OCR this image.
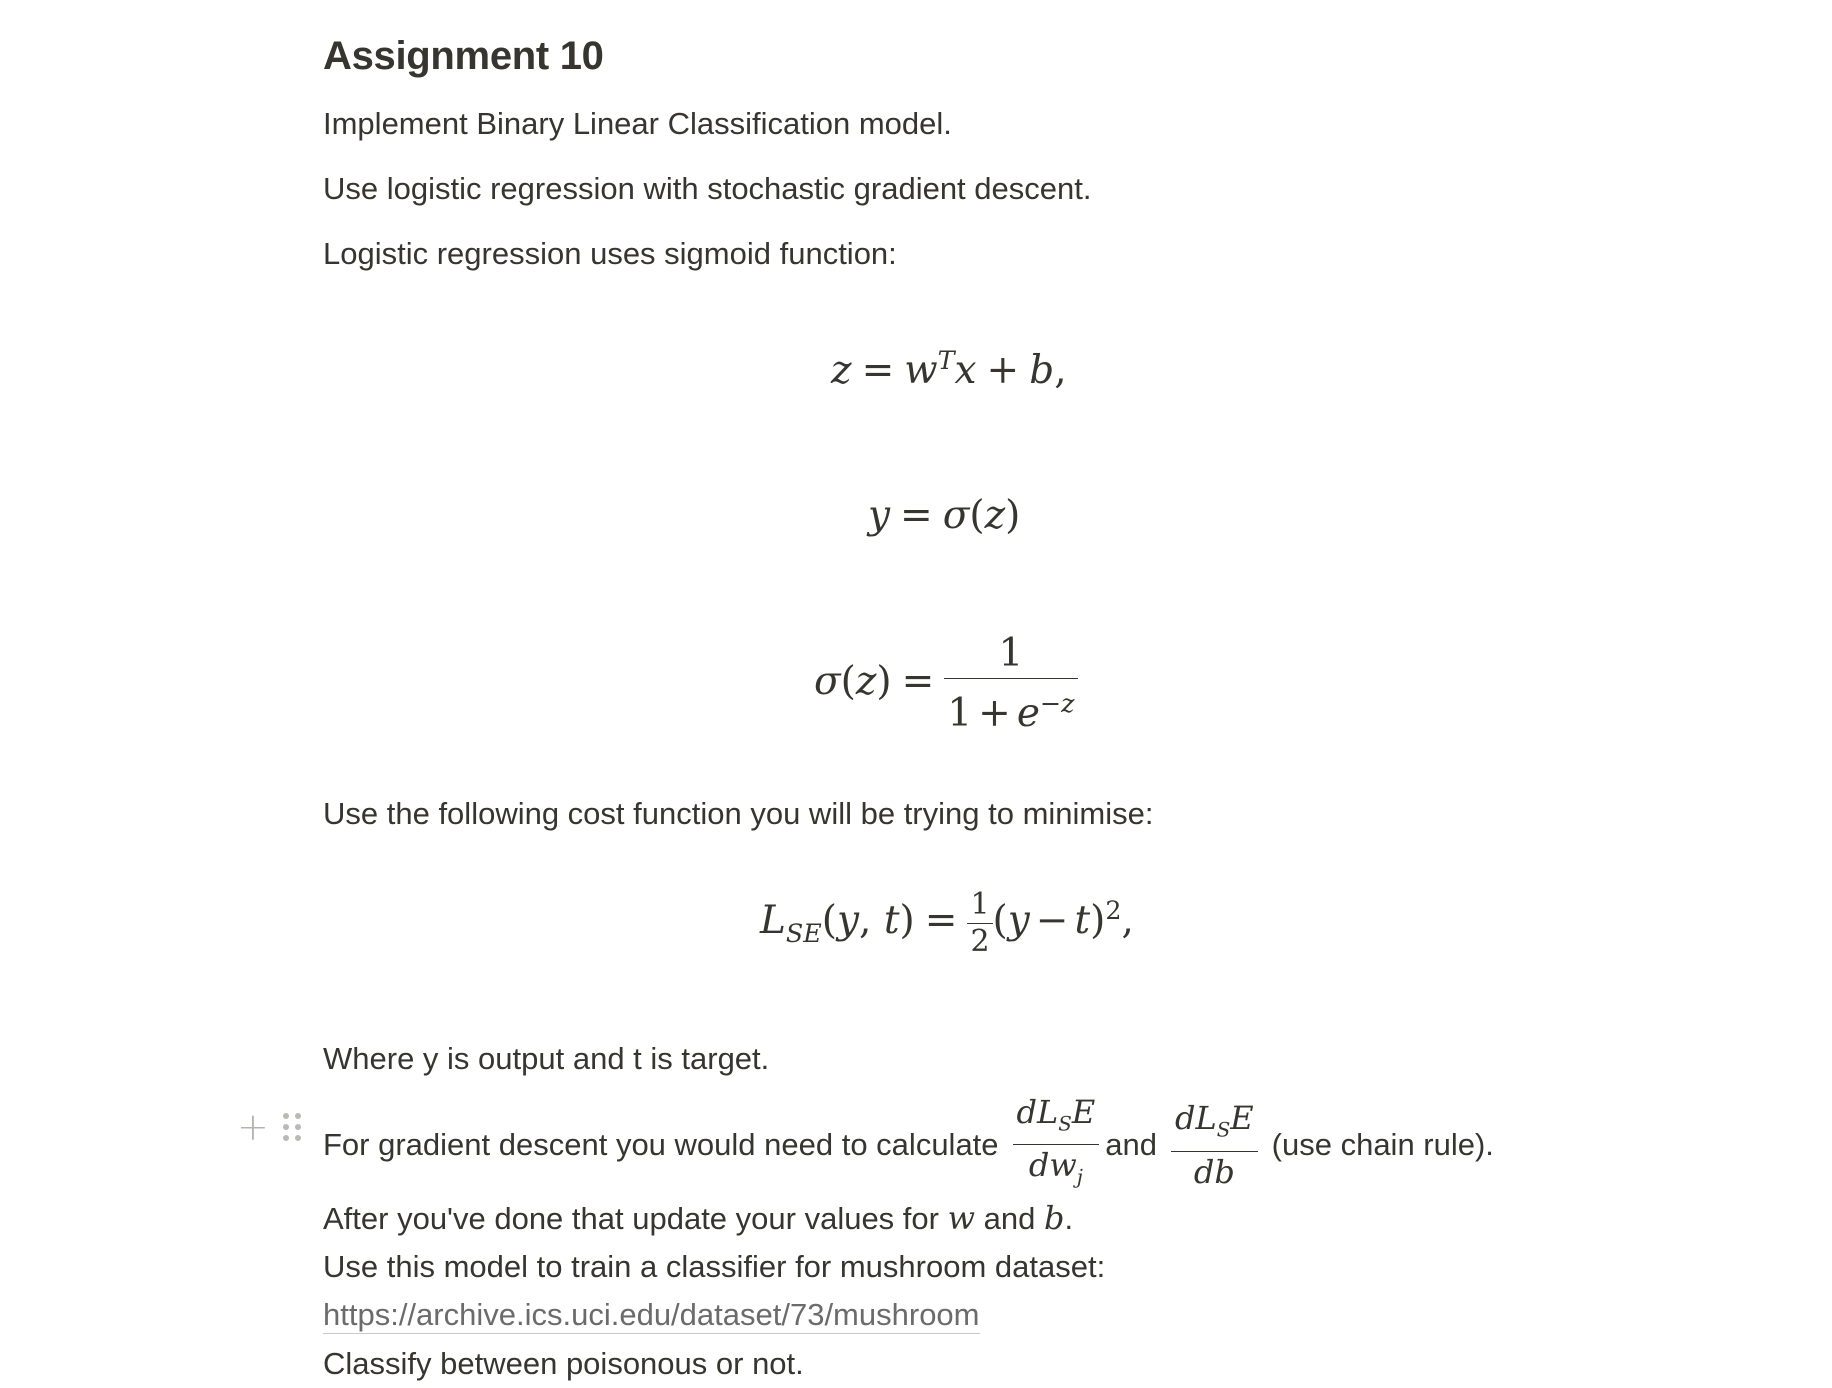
+
Assignment 10
Implement Binary Linear Classification model.
Use logistic regression with stochastic gradient descent.
Logistic regression uses sigmoid function:
$z = w^Tx + b$,
y = σ(z)
$\sigma(z) = \frac{1}{1 + e^{-z}}$
Use the following cost function you will be trying to minimise:
$L_{SE}(y$, $t) = \frac{1}{2} (y - t)^2$,
Where y is output and t is target.
For gradient descent you would need to calculate $\frac{dL_SE}{dw_j}$ and $\frac{dL_SE}{db} (use$ chain rule).
After you've done that update your values for w and b.
Use this model to train a classifier for mushroom dataset:
https://archive.ics.uci.edu/dataset/73/mushroom
Classify between poisonous or not.
